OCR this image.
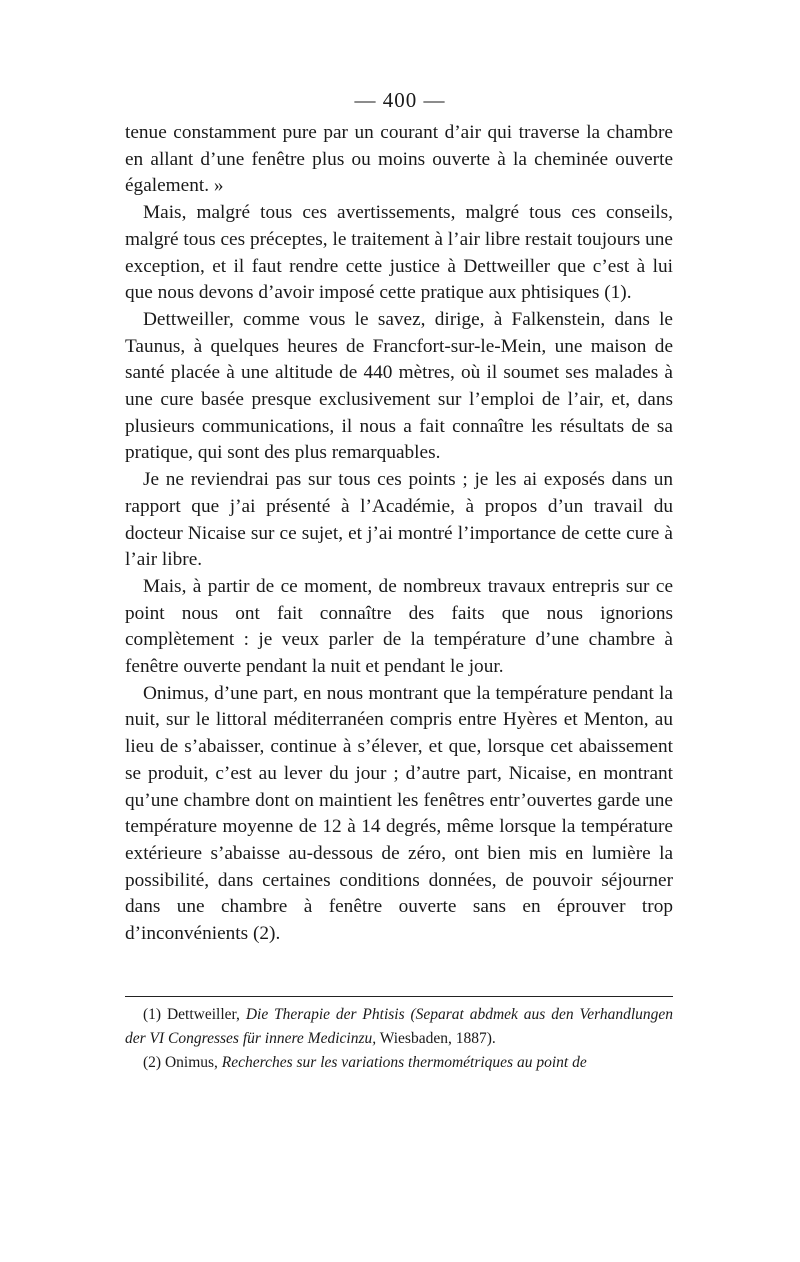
— 400 —

tenue constamment pure par un courant d’air qui traverse la chambre en allant d’une fenêtre plus ou moins ouverte à la cheminée ouverte également. »

Mais, malgré tous ces avertissements, malgré tous ces conseils, malgré tous ces préceptes, le traitement à l’air libre restait toujours une exception, et il faut rendre cette justice à Dettweiller que c’est à lui que nous devons d’avoir imposé cette pratique aux phtisiques (1).

Dettweiller, comme vous le savez, dirige, à Falkenstein, dans le Taunus, à quelques heures de Francfort-sur-le-Mein, une maison de santé placée à une altitude de 440 mètres, où il soumet ses malades à une cure basée presque exclusivement sur l’emploi de l’air, et, dans plusieurs communications, il nous a fait connaître les résultats de sa pratique, qui sont des plus remarquables.

Je ne reviendrai pas sur tous ces points ; je les ai exposés dans un rapport que j’ai présenté à l’Académie, à propos d’un travail du docteur Nicaise sur ce sujet, et j’ai montré l’importance de cette cure à l’air libre.

Mais, à partir de ce moment, de nombreux travaux entrepris sur ce point nous ont fait connaître des faits que nous ignorions complètement : je veux parler de la température d’une chambre à fenêtre ouverte pendant la nuit et pendant le jour.

Onimus, d’une part, en nous montrant que la température pendant la nuit, sur le littoral méditerranéen compris entre Hyères et Menton, au lieu de s’abaisser, continue à s’élever, et que, lorsque cet abaissement se produit, c’est au lever du jour ; d’autre part, Nicaise, en montrant qu’une chambre dont on maintient les fenêtres entr’ouvertes garde une température moyenne de 12 à 14 degrés, même lorsque la température extérieure s’abaisse au-dessous de zéro, ont bien mis en lumière la possibilité, dans certaines conditions données, de pouvoir séjourner dans une chambre à fenêtre ouverte sans en éprouver trop d’inconvénients (2).

(1) Dettweiller, Die Therapie der Phtisis (Separat abdmek aus den Verhandlungen der VI Congresses für innere Medicinzu, Wiesbaden, 1887).

(2) Onimus, Recherches sur les variations thermométriques au point de
